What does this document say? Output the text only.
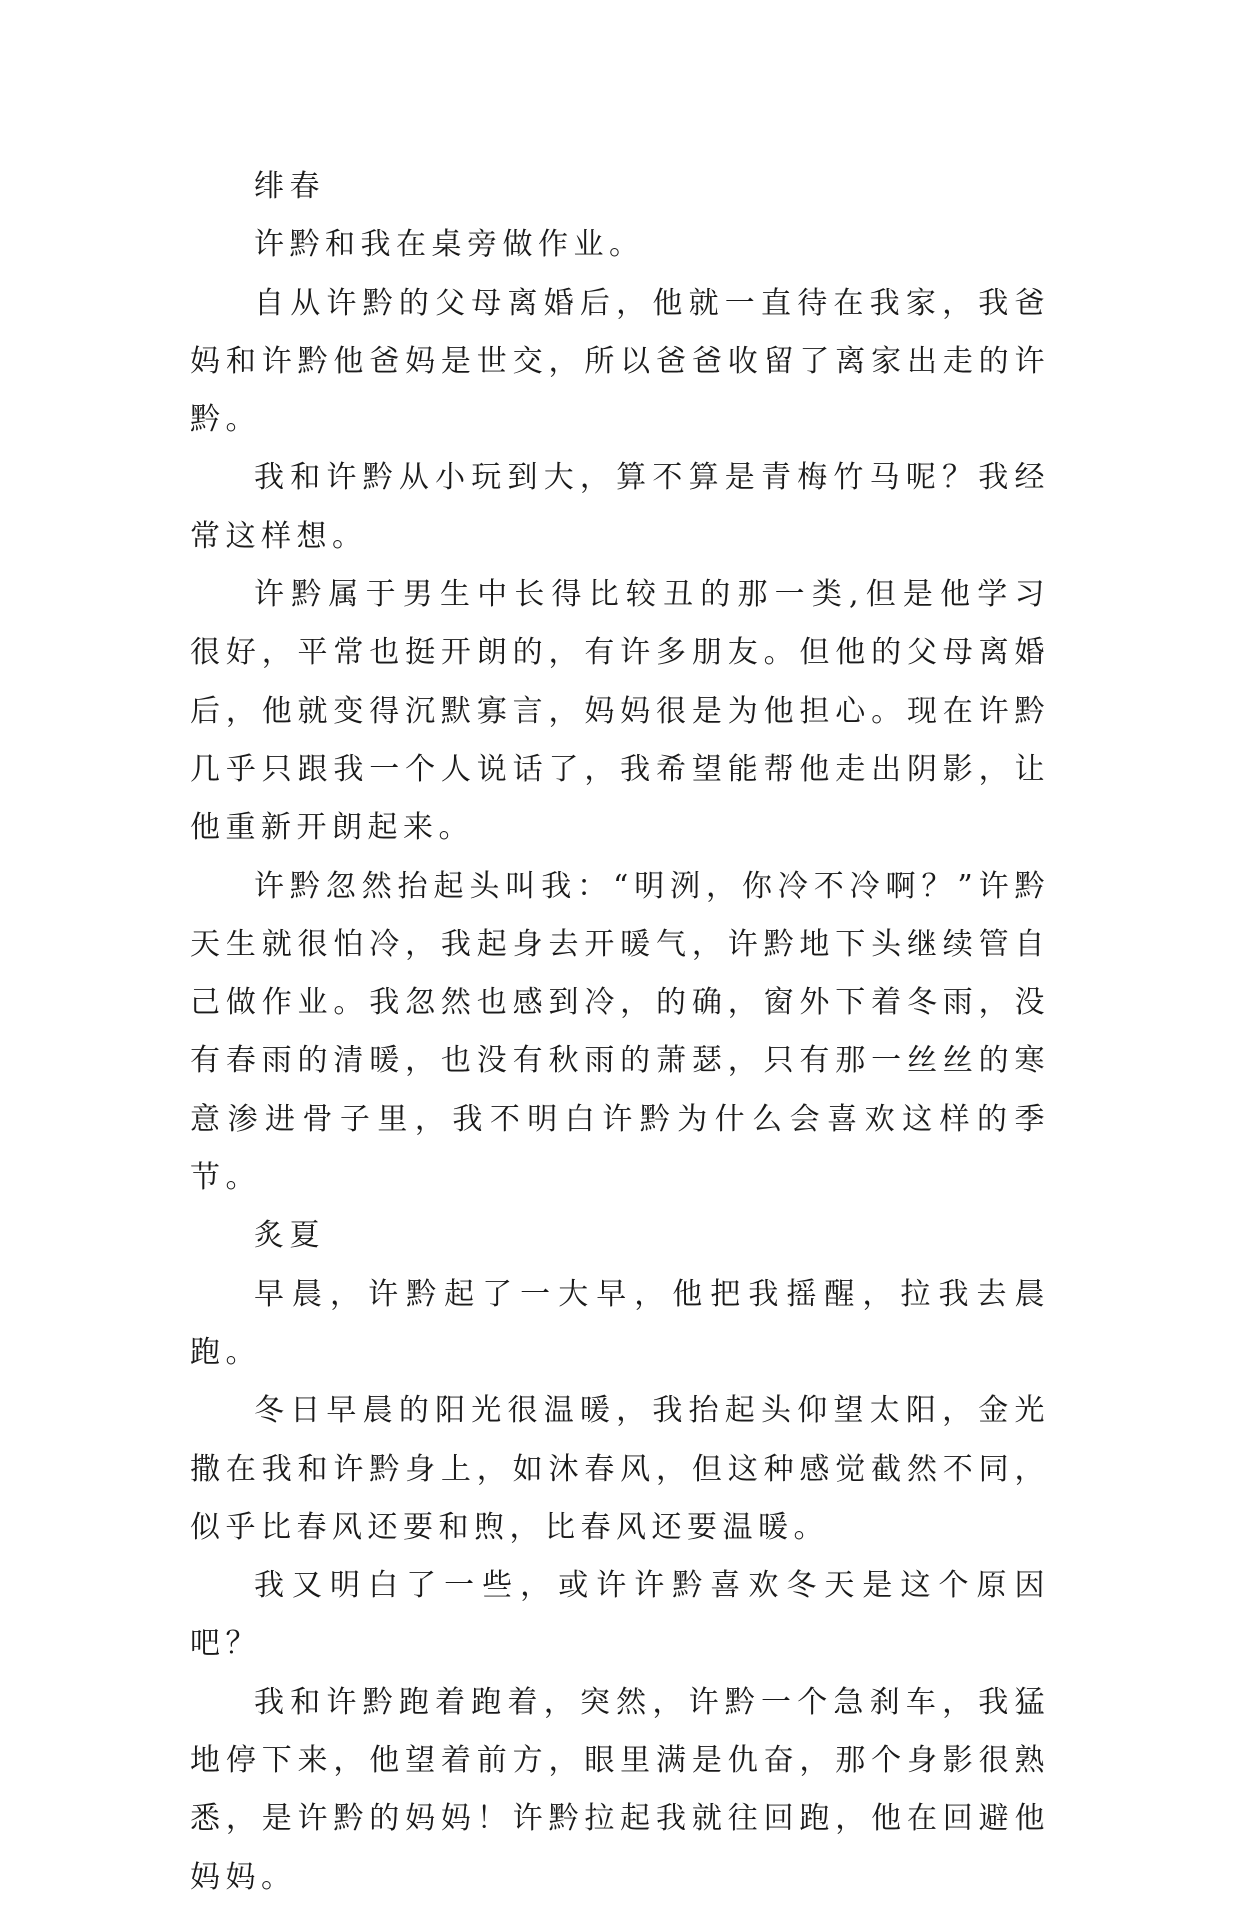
绯春

许黔和我在桌旁做作业。

自从许黔的父母离婚后，他就一直待在我家，我爸妈和许黔他爸妈是世交，所以爸爸收留了离家出走的许黔。

我和许黔从小玩到大，算不算是青梅竹马呢？我经常这样想。

许黔属于男生中长得比较丑的那一类,但是他学习很好，平常也挺开朗的，有许多朋友。但他的父母离婚后，他就变得沉默寡言，妈妈很是为他担心。现在许黔几乎只跟我一个人说话了，我希望能帮他走出阴影，让他重新开朗起来。

许黔忽然抬起头叫我：“明洌，你冷不冷啊？”许黔天生就很怕冷，我起身去开暖气，许黔地下头继续管自己做作业。我忽然也感到冷，的确，窗外下着冬雨，没有春雨的清暖，也没有秋雨的萧瑟，只有那一丝丝的寒意渗进骨子里，我不明白许黔为什么会喜欢这样的季节。

炙夏

早晨，许黔起了一大早，他把我摇醒，拉我去晨跑。

冬日早晨的阳光很温暖，我抬起头仰望太阳，金光撒在我和许黔身上，如沐春风，但这种感觉截然不同，似乎比春风还要和煦，比春风还要温暖。

我又明白了一些，或许许黔喜欢冬天是这个原因吧？

我和许黔跑着跑着，突然，许黔一个急刹车，我猛地停下来，他望着前方，眼里满是仇奋，那个身影很熟悉，是许黔的妈妈！许黔拉起我就往回跑，他在回避他妈妈。
